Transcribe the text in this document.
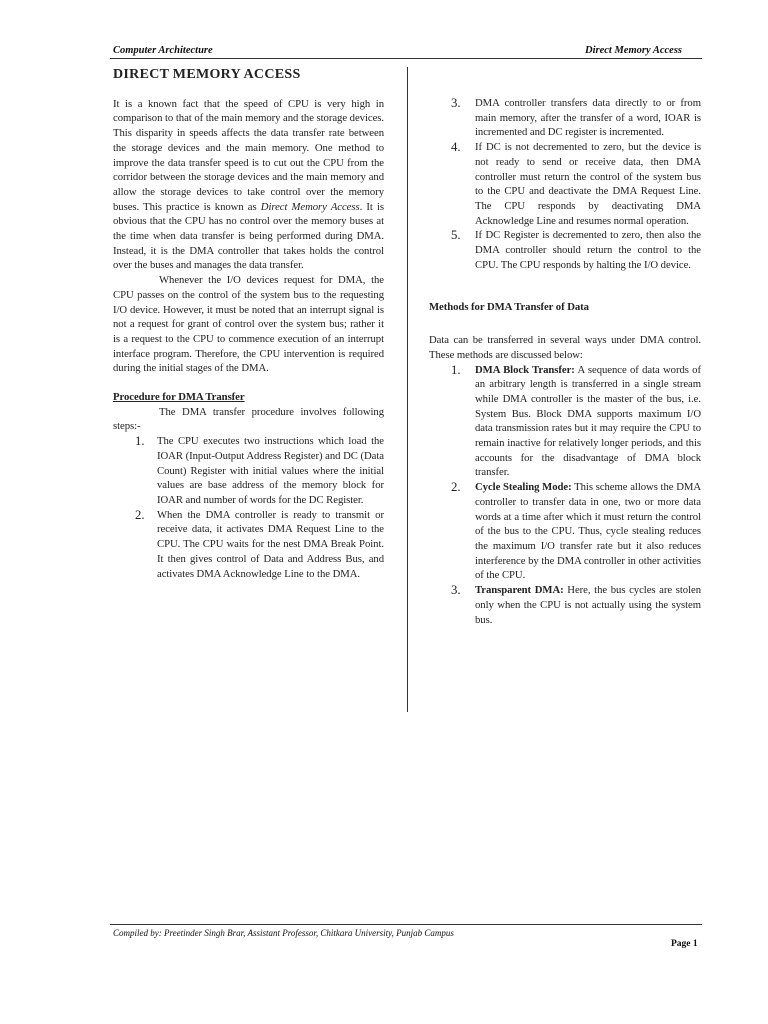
Computer Architecture	Direct Memory Access

DIRECT MEMORY ACCESS

It is a known fact that the speed of CPU is very high in comparison to that of the main memory and the storage devices. This disparity in speeds affects the data transfer rate between the storage devices and the main memory. One method to improve the data transfer speed is to cut out the CPU from the corridor between the storage devices and the main memory and allow the storage devices to take control over the memory buses. This practice is known as Direct Memory Access. It is obvious that the CPU has no control over the memory buses at the time when data transfer is being performed during DMA. Instead, it is the DMA controller that takes holds the control over the buses and manages the data transfer.

Whenever the I/O devices request for DMA, the CPU passes on the control of the system bus to the requesting I/O device. However, it must be noted that an interrupt signal is not a request for grant of control over the system bus; rather it is a request to the CPU to commence execution of an interrupt interface program. Therefore, the CPU intervention is required during the initial stages of the DMA.

Procedure for DMA Transfer

The DMA transfer procedure involves following steps:-

1. The CPU executes two instructions which load the IOAR (Input-Output Address Register) and DC (Data Count) Register with initial values where the initial values are base address of the memory block for IOAR and number of words for the DC Register.
2. When the DMA controller is ready to transmit or receive data, it activates DMA Request Line to the CPU. The CPU waits for the nest DMA Break Point. It then gives control of Data and Address Bus, and activates DMA Acknowledge Line to the DMA.
3. DMA controller transfers data directly to or from main memory, after the transfer of a word, IOAR is incremented and DC register is incremented.
4. If DC is not decremented to zero, but the device is not ready to send or receive data, then DMA controller must return the control of the system bus to the CPU and deactivate the DMA Request Line. The CPU responds by deactivating DMA Acknowledge Line and resumes normal operation.
5. If DC Register is decremented to zero, then also the DMA controller should return the control to the CPU. The CPU responds by halting the I/O device.

Methods for DMA Transfer of Data

Data can be transferred in several ways under DMA control. These methods are discussed below:

1. DMA Block Transfer: A sequence of data words of an arbitrary length is transferred in a single stream while DMA controller is the master of the bus, i.e. System Bus. Block DMA supports maximum I/O data transmission rates but it may require the CPU to remain inactive for relatively longer periods, and this accounts for the disadvantage of DMA block transfer.
2. Cycle Stealing Mode: This scheme allows the DMA controller to transfer data in one, two or more data words at a time after which it must return the control of the bus to the CPU. Thus, cycle stealing reduces the maximum I/O transfer rate but it also reduces interference by the DMA controller in other activities of the CPU.
3. Transparent DMA: Here, the bus cycles are stolen only when the CPU is not actually using the system bus.
Compiled by: Preetinder Singh Brar, Assistant Professor, Chitkara University, Punjab Campus
Page 1
